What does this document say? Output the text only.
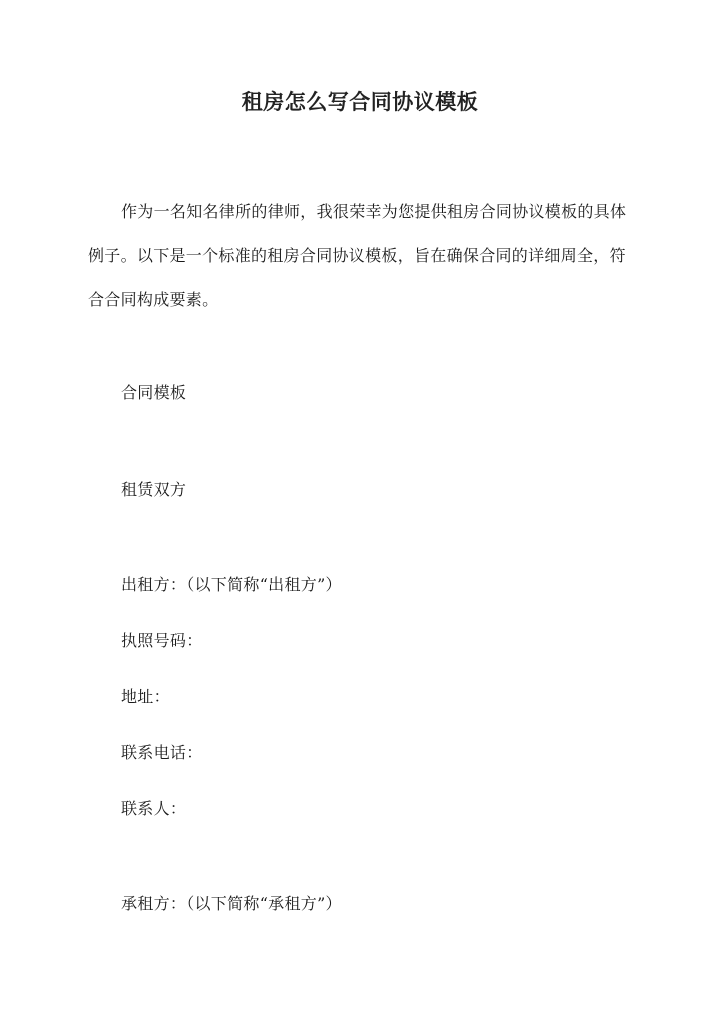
租房怎么写合同协议模板
作为一名知名律所的律师，我很荣幸为您提供租房合同协议模板的具体例子。以下是一个标准的租房合同协议模板，旨在确保合同的详细周全，符合合同构成要素。
合同模板
租赁双方
出租方：（以下简称“出租方”）
执照号码：
地址：
联系电话：
联系人：
承租方：（以下简称“承租方”）
